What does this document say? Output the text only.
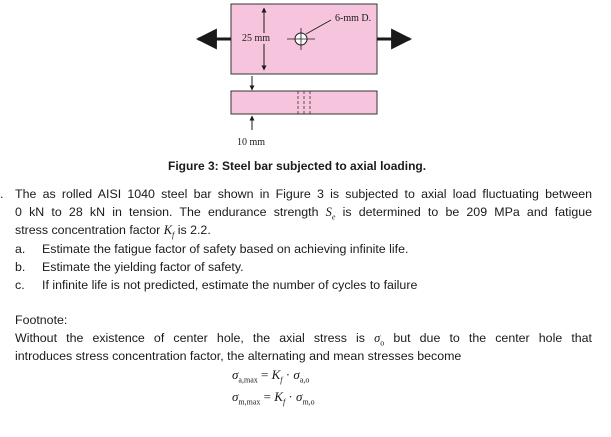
6-mm D.
25 mm
10 mm
Figure 3: Steel bar subjected to axial loading.
. The as rolled AISI 1040 steel bar shown in Figure 3 is subjected to axial load fluctuating between
0 kN to 28 kN in tension. The endurance strength $S_e$ is determined to be 209 MPa and fatigue
stress concentration factor $K_f$ is 2.2.
a. Estimate the fatigue factor of safety based on achieving infinite life.
b. Estimate the yielding factor of safety.
c. If infinite life is not predicted, estimate the number of cycles to failure
Footnote:
Without the existence of center hole, the axial stress is $\sigma_o$ but due to the center hole that
introduces stress concentration factor, the alternating and mean stresses become
$\sigma_{a,max} = K_f \cdot \sigma_{a,o}$
$\sigma_{m,max} = K_f \cdot \sigma_{m,o}$
